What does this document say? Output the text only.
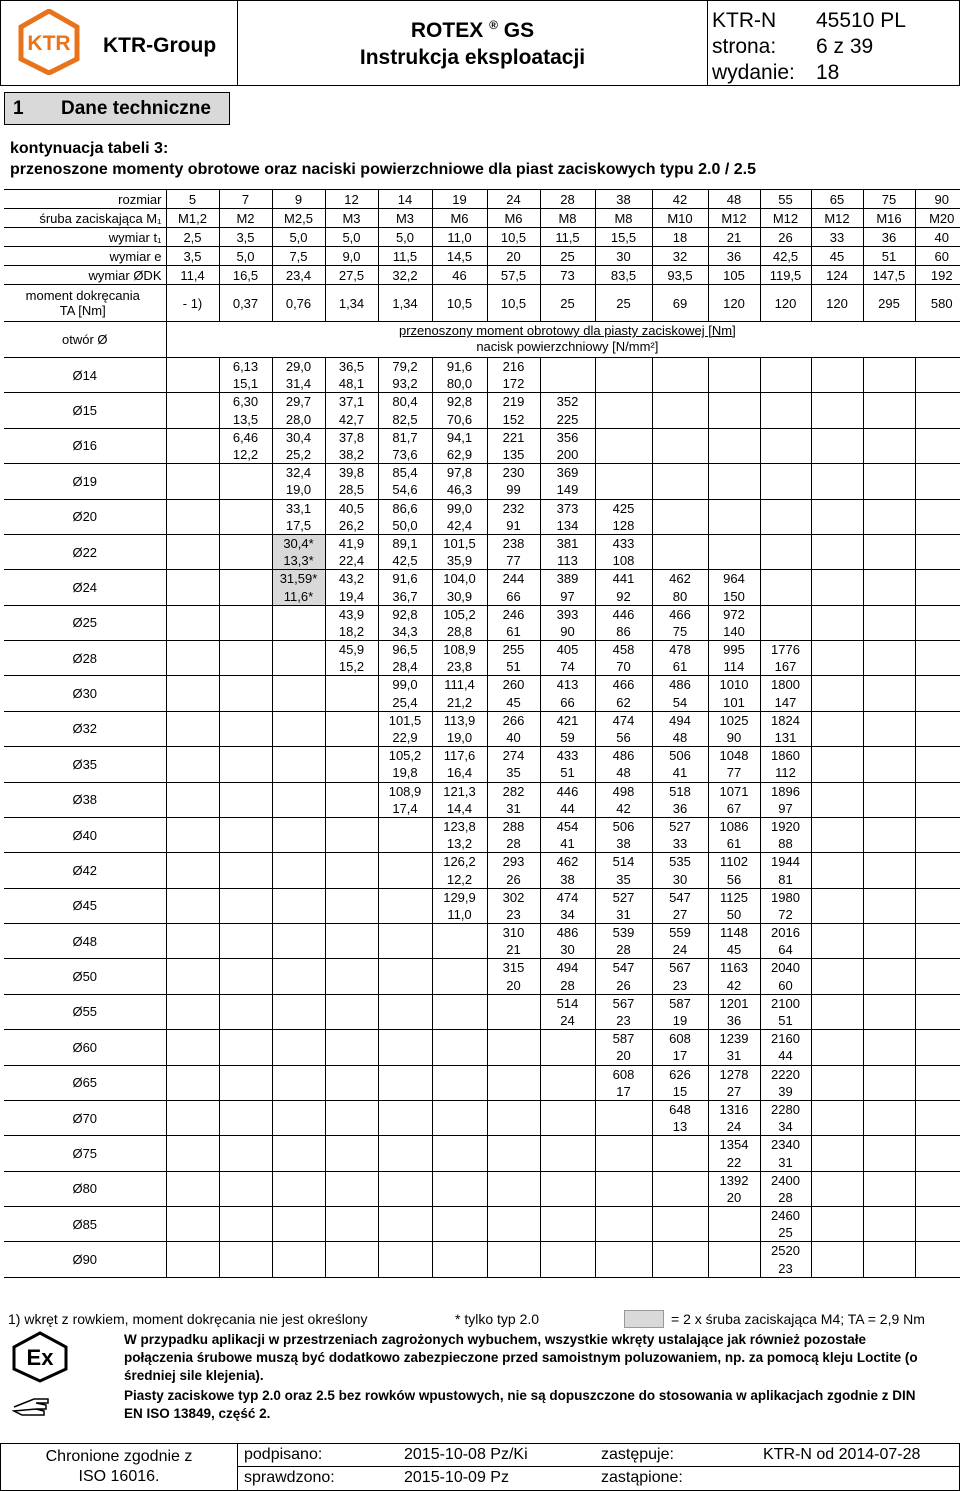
KTR KTR-Group
ROTEX ® GS
Instrukcja eksploatacji
KTR-N 45510 PL
strona: 6 z 39
wydanie: 18
1 Dane techniczne
kontynuacja tabeli 3:
przenoszone momenty obrotowe oraz naciski powierzchniowe dla piast zaciskowych typu 2.0 / 2.5
rozmiar	5	7	9	12	14	19	24	28	38	42	48	55	65	75	90
śruba zaciskająca M₁	M1,2	M2	M2,5	M3	M3	M6	M6	M8	M8	M10	M12	M12	M12	M16	M20
wymiar t₁	2,5	3,5	5,0	5,0	5,0	11,0	10,5	11,5	15,5	18	21	26	33	36	40
wymiar e	3,5	5,0	7,5	9,0	11,5	14,5	20	25	30	32	36	42,5	45	51	60
wymiar ØDK	11,4	16,5	23,4	27,5	32,2	46	57,5	73	83,5	93,5	105	119,5	124	147,5	192

moment dokręcania
TA [Nm]	- 1)	0,37	0,76	1,34	1,34	10,5	10,5	25	25	69	120	120	120	295	580
otwór Ø	przenoszony moment obrotowy dla piasty zaciskowej [Nm]
nacisk powierzchniowy [N/mm²]														

Ø14		6,13	29,0	36,5	79,2	91,6	216								
		15,1	31,4	48,1	93,2	80,0	172								
Ø15		6,30	29,7	37,1	80,4	92,8	219	352							
		13,5	28,0	42,7	82,5	70,6	152	225							
Ø16		6,46	30,4	37,8	81,7	94,1	221	356							
		12,2	25,2	38,2	73,6	62,9	135	200							
Ø19			32,4	39,8	85,4	97,8	230	369							
			19,0	28,5	54,6	46,3	99	149							
Ø20			33,1	40,5	86,6	99,0	232	373	425						
			17,5	26,2	50,0	42,4	91	134	128						
Ø22			30,4*	41,9	89,1	101,5	238	381	433						
			13,3*	22,4	42,5	35,9	77	113	108						
Ø24			31,59*	43,2	91,6	104,0	244	389	441	462	964				
			11,6*	19,4	36,7	30,9	66	97	92	80	150				
Ø25				43,9	92,8	105,2	246	393	446	466	972				
				18,2	34,3	28,8	61	90	86	75	140				
Ø28				45,9	96,5	108,9	255	405	458	478	995	1776			
				15,2	28,4	23,8	51	74	70	61	114	167			
Ø30					99,0	111,4	260	413	466	486	1010	1800			
					25,4	21,2	45	66	62	54	101	147			
Ø32					101,5	113,9	266	421	474	494	1025	1824			
					22,9	19,0	40	59	56	48	90	131			
Ø35					105,2	117,6	274	433	486	506	1048	1860			
					19,8	16,4	35	51	48	41	77	112			
Ø38					108,9	121,3	282	446	498	518	1071	1896			
					17,4	14,4	31	44	42	36	67	97			
Ø40						123,8	288	454	506	527	1086	1920			
						13,2	28	41	38	33	61	88			
Ø42						126,2	293	462	514	535	1102	1944			
						12,2	26	38	35	30	56	81			
Ø45						129,9	302	474	527	547	1125	1980			
						11,0	23	34	31	27	50	72			
Ø48							310	486	539	559	1148	2016			
							21	30	28	24	45	64			
Ø50							315	494	547	567	1163	2040			
							20	28	26	23	42	60			
Ø55								514	567	587	1201	2100			
								24	23	19	36	51			
Ø60									587	608	1239	2160			
									20	17	31	44			
Ø65									608	626	1278	2220			
									17	15	27	39			
Ø70										648	1316	2280			
										13	24	34			
Ø75											1354	2340			
											22	31			
Ø80											1392	2400			
											20	28			
Ø85												2460			
												25			
Ø90												2520			
												23			
1) wkręt z rowkiem, moment dokręcania nie jest określony	* tylko typ 2.0	= 2 x śruba zaciskająca M4; TA = 2,9 Nm
Ex
W przypadku aplikacji w przestrzeniach zagrożonych wybuchem, wszystkie wkręty ustalające jak również pozostałe połączenia śrubowe muszą być dodatkowo zabezpieczone przed samoistnym poluzowaniem, np. za pomocą kleju Loctite (o średniej sile klejenia).
Piasty zaciskowe typ 2.0 oraz 2.5 bez rowków wpustowych, nie są dopuszczone do stosowania w aplikacjach zgodnie z DIN EN ISO 13849, część 2.
Chronione zgodnie z
ISO 16016.
podpisano:	2015-10-08 Pz/Ki	zastępuje:	KTR-N od 2014-07-28
sprawdzono:	2015-10-09 Pz	zastąpione:
